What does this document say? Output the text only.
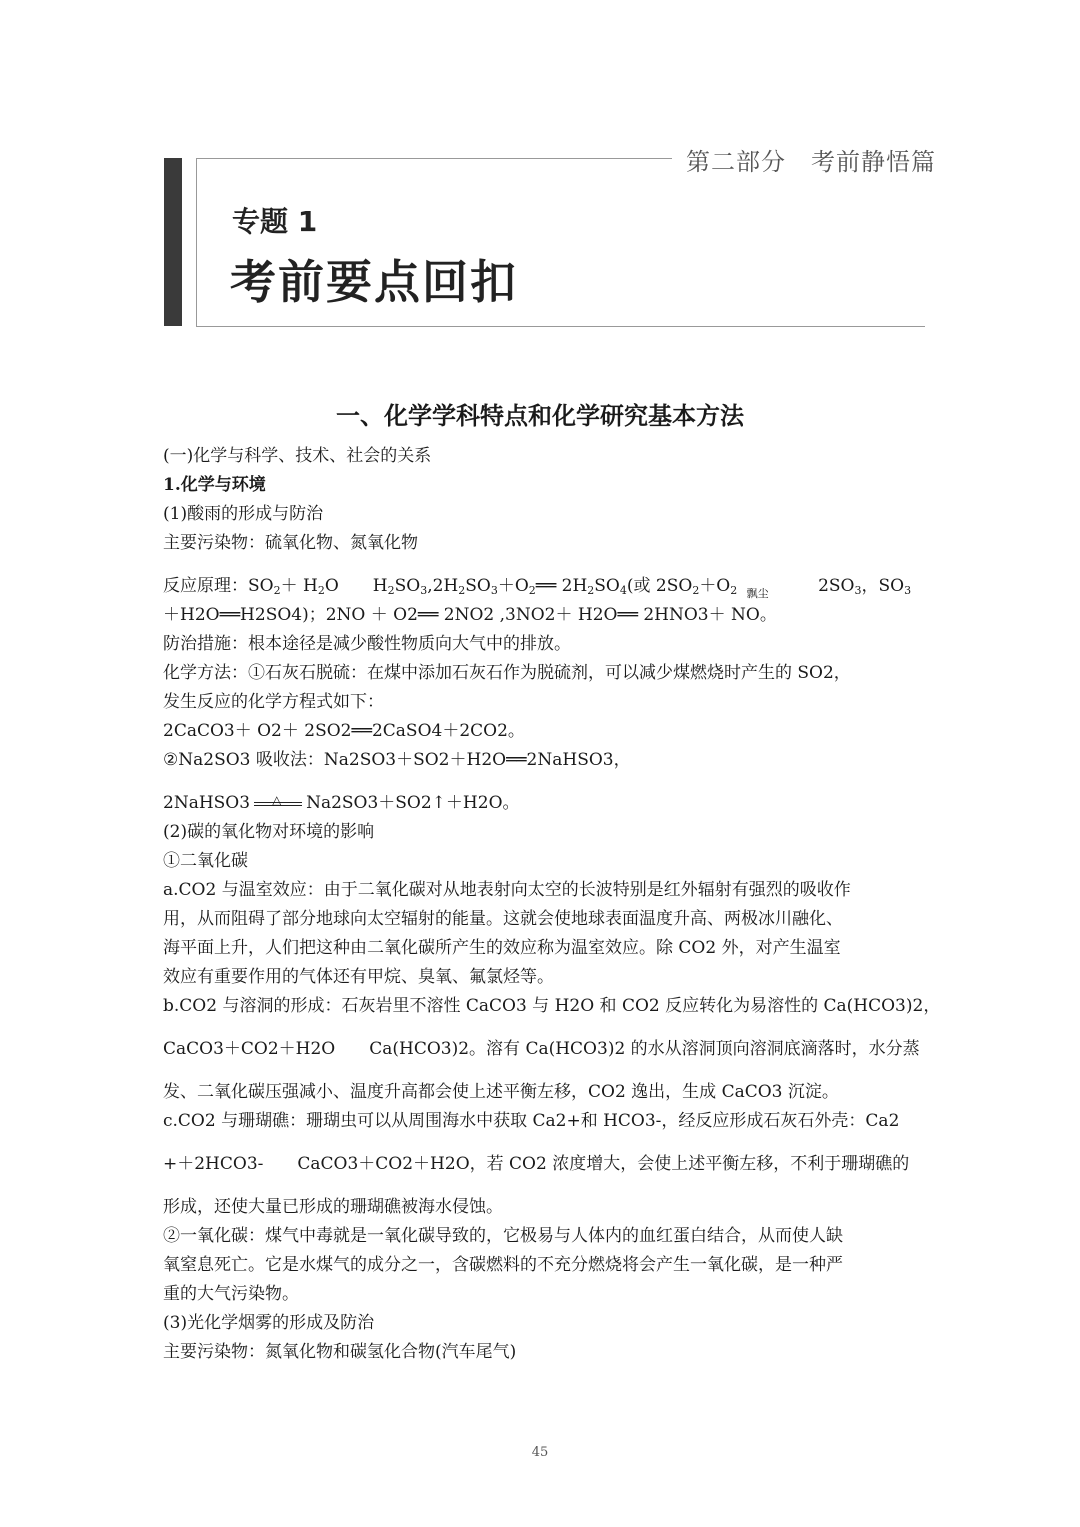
第二部分　考前静悟篇
专题 1
考前要点回扣
一、化学学科特点和化学研究基本方法
(一)化学与科学、技术、社会的关系
1.化学与环境
(1)酸雨的形成与防治
主要污染物：硫氧化物、氮氧化物
反应原理：$SO_2+ H_2O$　　$H_2SO_3,2H_2SO_3+O_2══$ $2H_2SO_4$(或 $2SO_2+O_2$ 飘尘	$2SO_3$，$SO_3$
＋H2O══H2SO4)；2NO ＋ O2══ 2NO2 ,3NO2＋ H2O══ 2HNO3＋ NO。
防治措施：根本途径是减少酸性物质向大气中的排放。
化学方法：①石灰石脱硫：在煤中添加石灰石作为脱硫剂，可以减少煤燃烧时产生的 SO2，
发生反应的化学方程式如下：
2CaCO3＋ O2＋ 2SO2══2CaSO4＋2CO2。
②Na2SO3 吸收法：Na2SO3＋SO2＋H2O══2NaHSO3，
2NaHSO3 △ Na2SO3＋SO2↑＋H2O。
(2)碳的氧化物对环境的影响
①二氧化碳
a.CO2 与温室效应：由于二氧化碳对从地表射向太空的长波特别是红外辐射有强烈的吸收作
用，从而阻碍了部分地球向太空辐射的能量。这就会使地球表面温度升高、两极冰川融化、
海平面上升，人们把这种由二氧化碳所产生的效应称为温室效应。除 CO2 外，对产生温室
效应有重要作用的气体还有甲烷、臭氧、氟氯烃等。
b.CO2 与溶洞的形成：石灰岩里不溶性 CaCO3 与 H2O 和 CO2 反应转化为易溶性的 Ca(HCO3)2，
CaCO3＋CO2＋H2O　　Ca(HCO3)2。溶有 Ca(HCO3)2 的水从溶洞顶向溶洞底滴落时，水分蒸
发、二氧化碳压强减小、温度升高都会使上述平衡左移，CO2 逸出，生成 CaCO3 沉淀。
c.CO2 与珊瑚礁：珊瑚虫可以从周围海水中获取 Ca2+和 HCO3-，经反应形成石灰石外壳：Ca2
+＋2HCO3-　　CaCO3＋CO2＋H2O，若 CO2 浓度增大，会使上述平衡左移，不利于珊瑚礁的
形成，还使大量已形成的珊瑚礁被海水侵蚀。
②一氧化碳：煤气中毒就是一氧化碳导致的，它极易与人体内的血红蛋白结合，从而使人缺
氧窒息死亡。它是水煤气的成分之一，含碳燃料的不充分燃烧将会产生一氧化碳，是一种严
重的大气污染物。
(3)光化学烟雾的形成及防治
主要污染物：氮氧化物和碳氢化合物(汽车尾气)
45
